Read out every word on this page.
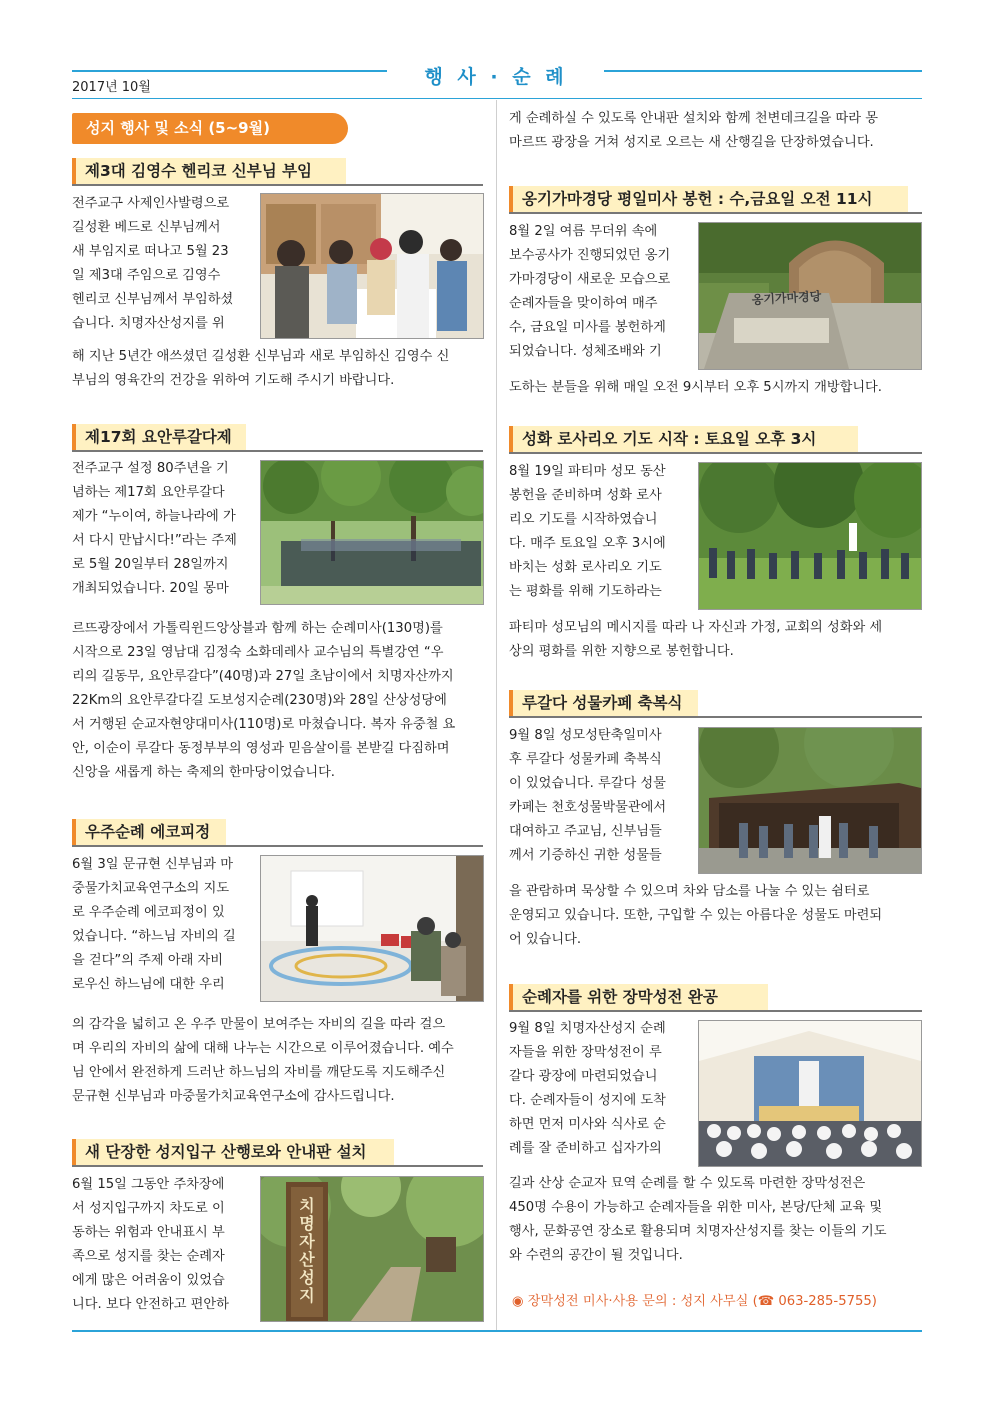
행 사 · 순 례
2017년 10월
성지 행사 및 소식 (5~9월)
제3대 김영수 헨리코 신부님 부임

전주교구 사제인사발령으로

길성환 베드로 신부님께서

새 부임지로 떠나고 5월 23

일 제3대 주임으로 김영수

헨리코 신부님께서 부임하셨

습니다. 치명자산성지를 위

해 지난 5년간 애쓰셨던 길성환 신부님과 새로 부임하신 김영수 신

부님의 영육간의 건강을 위하여 기도해 주시기 바랍니다.

제17회 요안루갈다제

전주교구 설정 80주년을 기

념하는 제17회 요안루갈다

제가 “누이여, 하늘나라에 가

서 다시 만납시다!”라는 주제

로 5월 20일부터 28일까지

개최되었습니다. 20일 몽마

르뜨광장에서 가톨릭윈드앙상블과 함께 하는 순례미사(130명)를

시작으로 23일 영남대 김정숙 소화데레사 교수님의 특별강연 “우

리의 길동무, 요안루갈다”(40명)과 27일 초남이에서 치명자산까지

22Km의 요안루갈다길 도보성지순례(230명)와 28일 산상성당에

서 거행된 순교자현양대미사(110명)로 마쳤습니다. 복자 유중철 요

안, 이순이 루갈다 동정부부의 영성과 믿음살이를 본받길 다짐하며

신앙을 새롭게 하는 축제의 한마당이었습니다.

우주순례 에코피정

6월 3일 문규현 신부님과 마

중물가치교육연구소의 지도

로 우주순례 에코피정이 있

었습니다. “하느님 자비의 길

을 걷다”의 주제 아래 자비

로우신 하느님에 대한 우리

의 감각을 넓히고 온 우주 만물이 보여주는 자비의 길을 따라 걸으

며 우리의 자비의 삶에 대해 나누는 시간으로 이루어졌습니다. 예수

님 안에서 완전하게 드러난 하느님의 자비를 깨닫도록 지도해주신

문규현 신부님과 마중물가치교육연구소에 감사드립니다.

새 단장한 성지입구 산행로와 안내판 설치

6월 15일 그동안 주차장에

서 성지입구까지 차도로 이

동하는 위험과 안내표시 부

족으로 성지를 찾는 순례자

에게 많은 어려움이 있었습

니다. 보다 안전하고 편안하

치명자산성지

게 순례하실 수 있도록 안내판 설치와 함께 천변데크길을 따라 몽

마르뜨 광장을 거쳐 성지로 오르는 새 산행길을 단장하였습니다.

옹기가마경당 평일미사 봉헌 : 수,금요일 오전 11시

8월 2일 여름 무더위 속에

보수공사가 진행되었던 옹기

가마경당이 새로운 모습으로

순례자들을 맞이하여 매주

수, 금요일 미사를 봉헌하게

되었습니다. 성체조배와 기

옹기가마경당

도하는 분들을 위해 매일 오전 9시부터 오후 5시까지 개방합니다.

성화 로사리오 기도 시작 : 토요일 오후 3시

8월 19일 파티마 성모 동산

봉헌을 준비하며 성화 로사

리오 기도를 시작하였습니

다. 매주 토요일 오후 3시에

바치는 성화 로사리오 기도

는 평화를 위해 기도하라는

파티마 성모님의 메시지를 따라 나 자신과 가정, 교회의 성화와 세

상의 평화를 위한 지향으로 봉헌합니다.

루갈다 성물카페 축복식

9월 8일 성모성탄축일미사

후 루갈다 성물카페 축복식

이 있었습니다. 루갈다 성물

카페는 천호성물박물관에서

대여하고 주교님, 신부님들

께서 기증하신 귀한 성물들

을 관람하며 묵상할 수 있으며 차와 담소를 나눌 수 있는 쉼터로

운영되고 있습니다. 또한, 구입할 수 있는 아름다운 성물도 마련되

어 있습니다.

순례자를 위한 장막성전 완공

9월 8일 치명자산성지 순례

자들을 위한 장막성전이 루

갈다 광장에 마련되었습니

다. 순례자들이 성지에 도착

하면 먼저 미사와 식사로 순

례를 잘 준비하고 십자가의

길과 산상 순교자 묘역 순례를 할 수 있도록 마련한 장막성전은

450명 수용이 가능하고 순례자들을 위한 미사, 본당/단체 교육 및

행사, 문화공연 장소로 활용되며 치명자산성지를 찾는 이들의 기도

와 수련의 공간이 될 것입니다.

◉ 장막성전 미사·사용 문의 : 성지 사무실 (☎ 063-285-5755)
